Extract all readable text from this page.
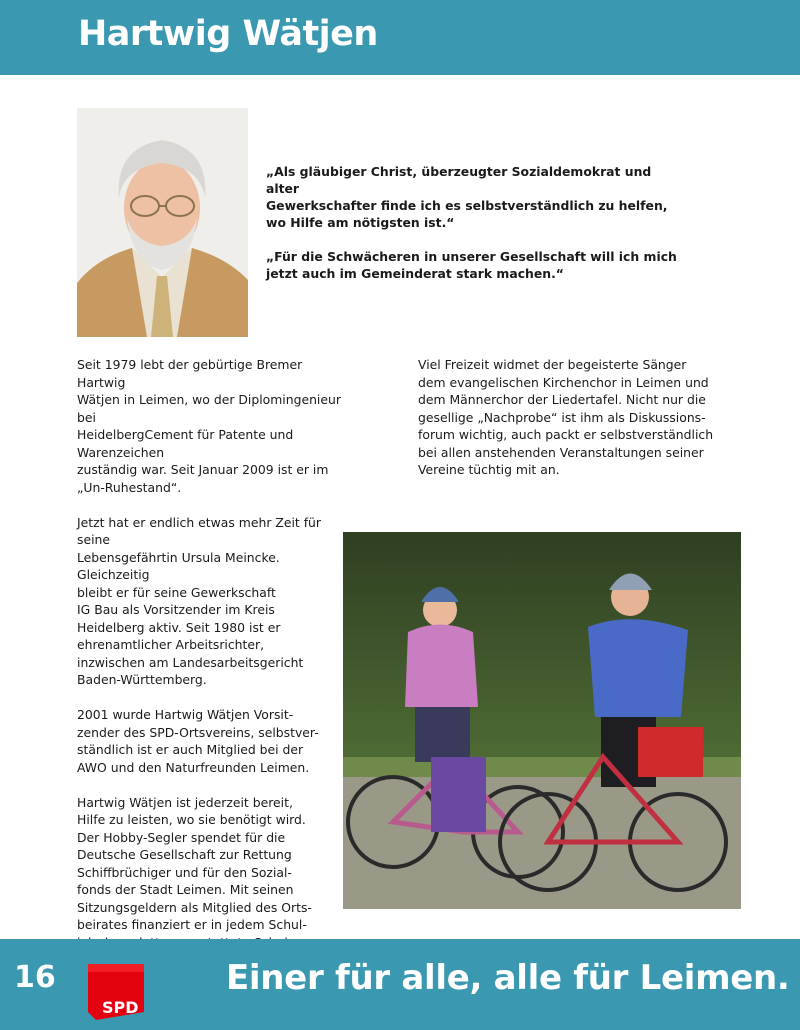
Hartwig Wätjen

„Als gläubiger Christ, überzeugter Sozialdemokrat und alter
Gewerkschafter finde ich es selbstverständlich zu helfen,
wo Hilfe am nötigsten ist.“

„Für die Schwächeren in unserer Gesellschaft will ich mich
jetzt auch im Gemeinderat stark machen.“

Seit 1979 lebt der gebürtige Bremer Hartwig
Wätjen in Leimen, wo der Diplomingenieur bei
HeidelbergCement für Patente und Warenzeichen
zuständig war. Seit Januar 2009 ist er im
„Un-Ruhestand“.

Jetzt hat er endlich etwas mehr Zeit für seine
Lebensgefährtin Ursula Meincke. Gleichzeitig
bleibt er für seine Gewerkschaft
IG Bau als Vorsitzender im Kreis
Heidelberg aktiv. Seit 1980 ist er
ehrenamtlicher Arbeitsrichter,
inzwischen am Landesarbeitsgericht
Baden-Württemberg.

2001 wurde Hartwig Wätjen Vorsit-
zender des SPD-Ortsvereins, selbstver-
ständlich ist er auch Mitglied bei der
AWO und den Naturfreunden Leimen.

Hartwig Wätjen ist jederzeit bereit,
Hilfe zu leisten, wo sie benötigt wird.
Der Hobby-Segler spendet für die
Deutsche Gesellschaft zur Rettung
Schiffbrüchiger und für den Sozial-
fonds der Stadt Leimen. Mit seinen
Sitzungsgeldern als Mitglied des Orts-
beirates finanziert er in jedem Schul-

Viel Freizeit widmet der begeisterte Sänger
dem evangelischen Kirchenchor in Leimen und
dem Männerchor der Liedertafel. Nicht nur die
gesellige „Nachprobe“ ist ihm als Diskussions-
forum wichtig, auch packt er selbstverständlich
bei allen anstehenden Veranstaltungen seiner
Vereine tüchtig mit an.

16
SPD
Einer für alle, alle für Leimen.
